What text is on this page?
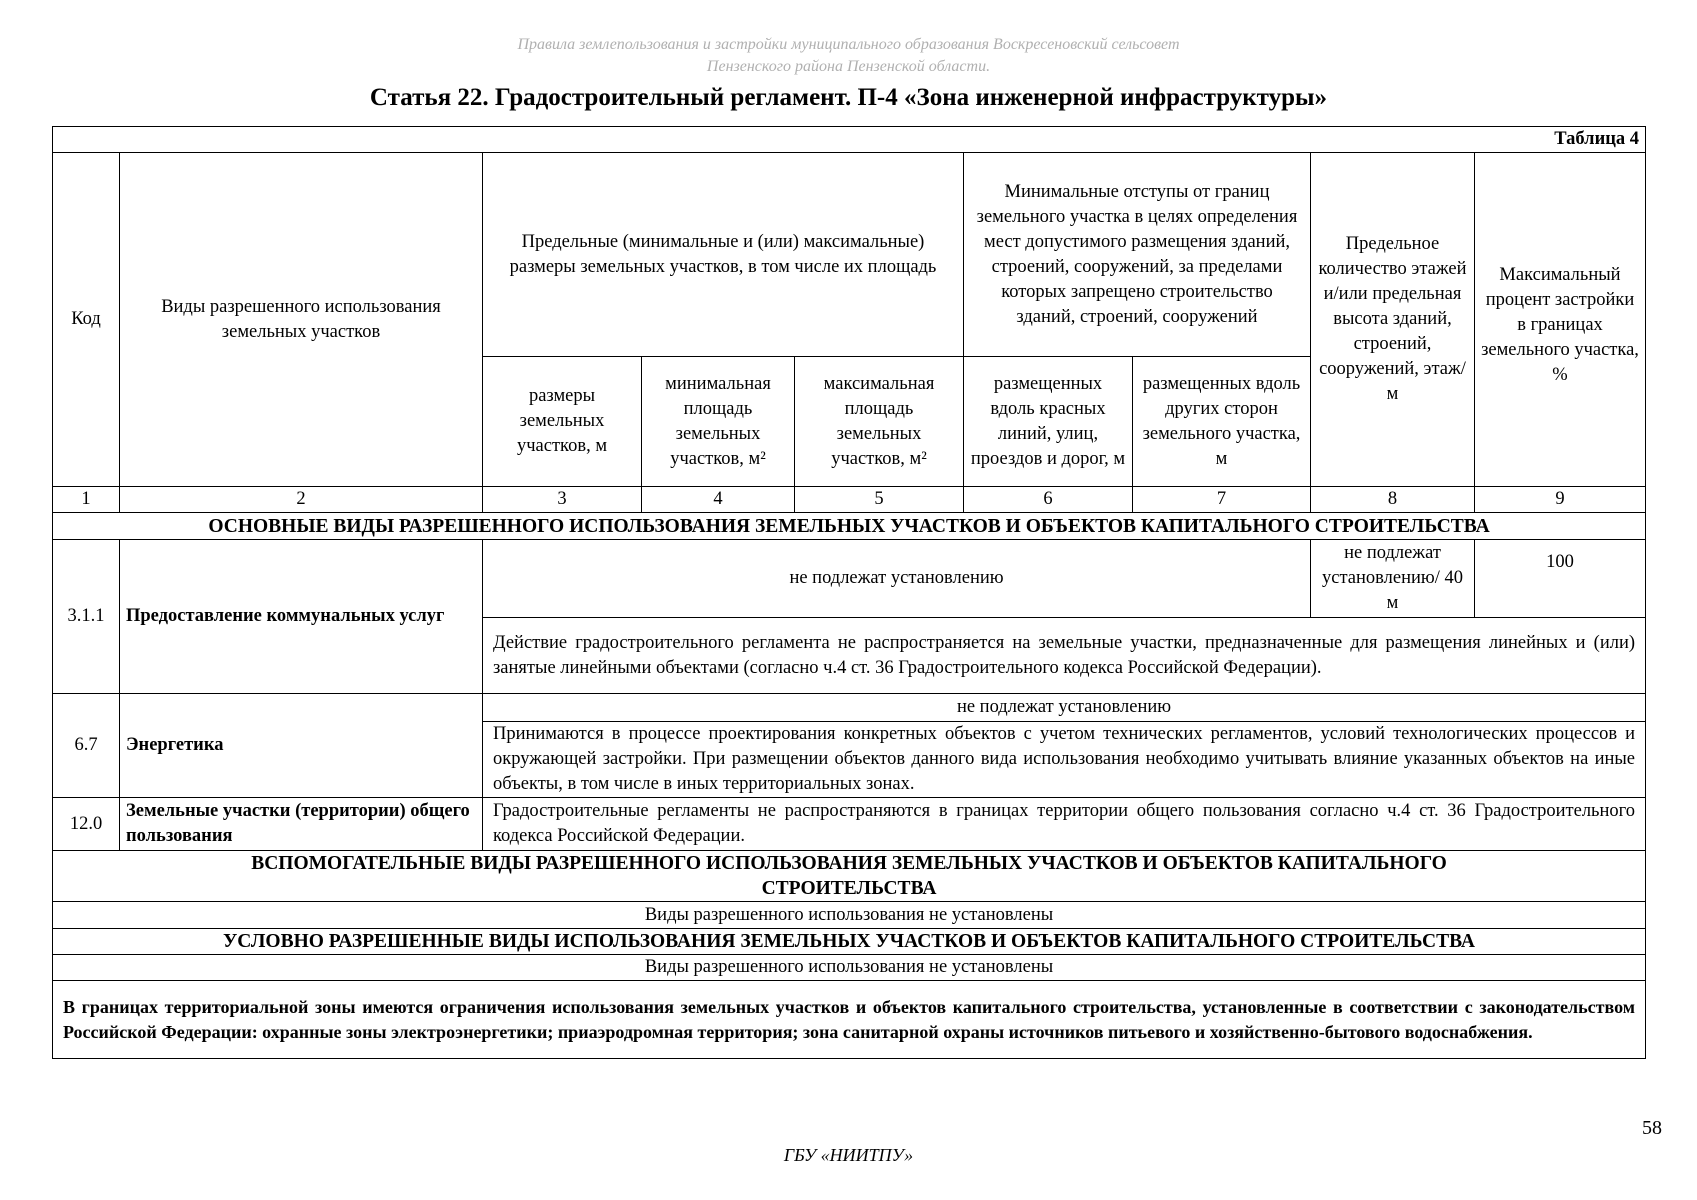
Правила землепользования и застройки муниципального образования Воскресеновский сельсовет
Пензенского района Пензенской области.
Статья 22. Градостроительный регламент. П-4 «Зона инженерной инфраструктуры»
Таблица 4								
Код	Виды разрешенного использования земельных участков	Предельные (минимальные и (или) максимальные) размеры земельных участков, в том числе их площадь			Минимальные отступы от границ земельного участка в целях определения мест допустимого размещения зданий, строений, сооружений, за пределами которых запрещено строительство зданий, строений, сооружений		Предельное количество этажей и/или предельная высота зданий, строений, сооружений, этаж/м	Максимальный процент застройки в границах земельного участка, %
		размеры земельных участков, м	минимальная площадь земельных участков, м²	максимальная площадь земельных участков, м²	размещенных вдоль красных линий, улиц, проездов и дорог, м	размещенных вдоль других сторон земельного участка, м		
1	2	3	4	5	6	7	8	9
ОСНОВНЫЕ ВИДЫ РАЗРЕШЕННОГО ИСПОЛЬЗОВАНИЯ ЗЕМЕЛЬНЫХ УЧАСТКОВ И ОБЪЕКТОВ КАПИТАЛЬНОГО СТРОИТЕЛЬСТВА								
3.1.1	Предоставление коммунальных услуг	не подлежат установлению					не подлежат установлению/ 40 м	100
		Действие градостроительного регламента не распространяется на земельные участки, предназначенные для размещения линейных и (или) занятые линейными объектами (согласно ч.4 ст. 36 Градостроительного кодекса Российской Федерации).						
6.7	Энергетика	не подлежат установлению						
		Принимаются в процессе проектирования конкретных объектов с учетом технических регламентов, условий технологических процессов и окружающей застройки. При размещении объектов данного вида использования необходимо учитывать влияние указанных объектов на иные объекты, в том числе в иных территориальных зонах.						
12.0	Земельные участки (территории) общего пользования	Градостроительные регламенты не распространяются в границах территории общего пользования согласно ч.4 ст. 36 Градостроительного кодекса Российской Федерации.						
ВСПОМОГАТЕЛЬНЫЕ ВИДЫ РАЗРЕШЕННОГО ИСПОЛЬЗОВАНИЯ ЗЕМЕЛЬНЫХ УЧАСТКОВ И ОБЪЕКТОВ КАПИТАЛЬНОГО СТРОИТЕЛЬСТВА								
Виды разрешенного использования не установлены								
УСЛОВНО РАЗРЕШЕННЫЕ ВИДЫ ИСПОЛЬЗОВАНИЯ ЗЕМЕЛЬНЫХ УЧАСТКОВ И ОБЪЕКТОВ КАПИТАЛЬНОГО СТРОИТЕЛЬСТВА								
Виды разрешенного использования не установлены								
В границах территориальной зоны имеются ограничения использования земельных участков и объектов капитального строительства, установленные в соответствии с законодательством Российской Федерации: охранные зоны электроэнергетики; приаэродромная территория; зона санитарной охраны источников питьевого и хозяйственно-бытового водоснабжения.								
58
ГБУ «НИИТПУ»
